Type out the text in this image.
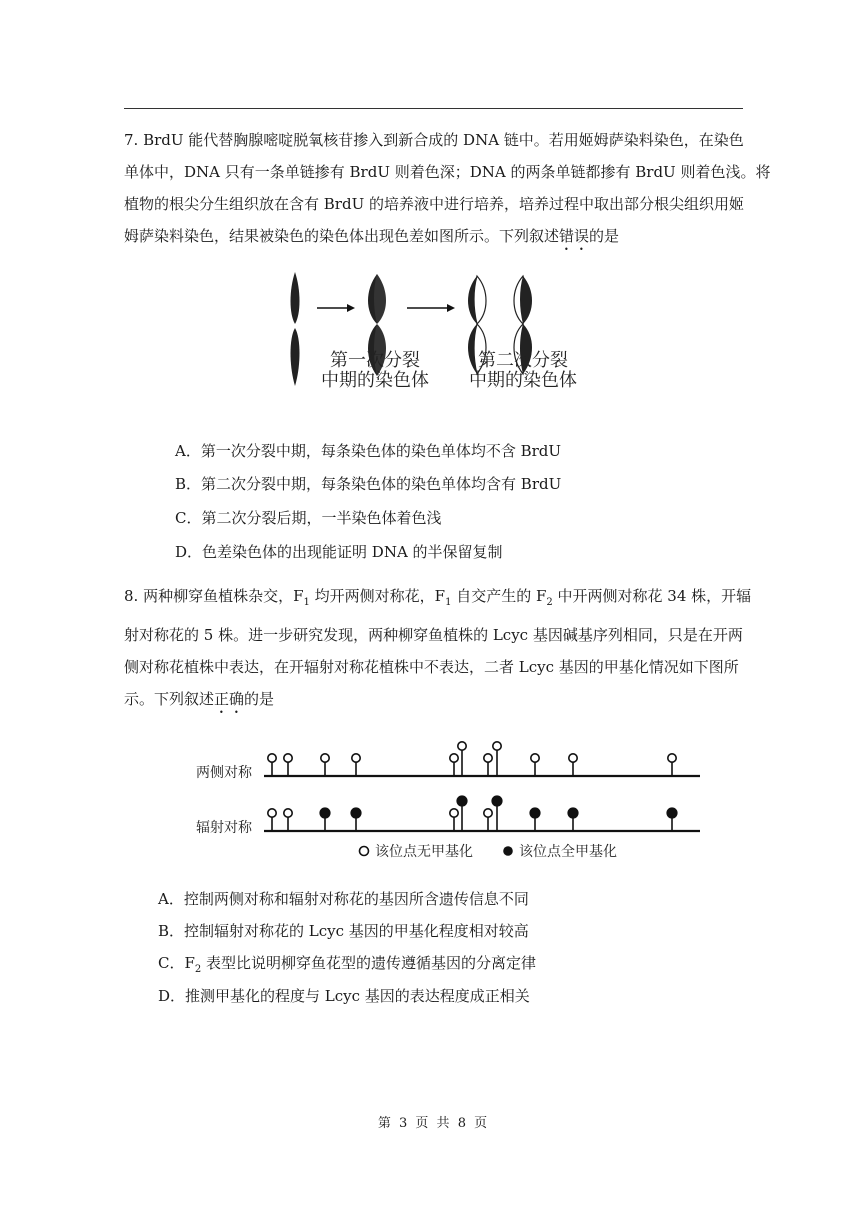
7. BrdU 能代替胸腺嘧啶脱氧核苷掺入到新合成的 DNA 链中。若用姬姆萨染料染色，在染色
单体中，DNA 只有一条单链掺有 BrdU 则着色深；DNA 的两条单链都掺有 BrdU 则着色浅。将
植物的根尖分生组织放在含有 BrdU 的培养液中进行培养，培养过程中取出部分根尖组织用姬
姆萨染料染色，结果被染色的染色体出现色差如图所示。下列叙述错误的是
第一次分裂
中期的染色体
第二次分裂
中期的染色体

A．第一次分裂中期，每条染色体的染色单体均不含 BrdU

B．第二次分裂中期，每条染色体的染色单体均含有 BrdU

C．第二次分裂后期，一半染色体着色浅

D．色差染色体的出现能证明 DNA 的半保留复制

8. 两种柳穿鱼植株杂交，$F_1$ 均开两侧对称花，$F_1$ 自交产生的 $F_2$ 中开两侧对称花 34 株，开辐
射对称花的 5 株。进一步研究发现，两种柳穿鱼植株的 Lcyc 基因碱基序列相同，只是在开两
侧对称花植株中表达，在开辐射对称花植株中不表达，二者 Lcyc 基因的甲基化情况如下图所
示。下列叙述正确的是
两侧对称
辐射对称
该位点无甲基化	该位点全甲基化

A．控制两侧对称和辐射对称花的基因所含遗传信息不同

B．控制辐射对称花的 Lcyc 基因的甲基化程度相对较高

C．$F_2$ 表型比说明柳穿鱼花型的遗传遵循基因的分离定律

D．推测甲基化的程度与 Lcyc 基因的表达程度成正相关

第 3 页 共 8 页
